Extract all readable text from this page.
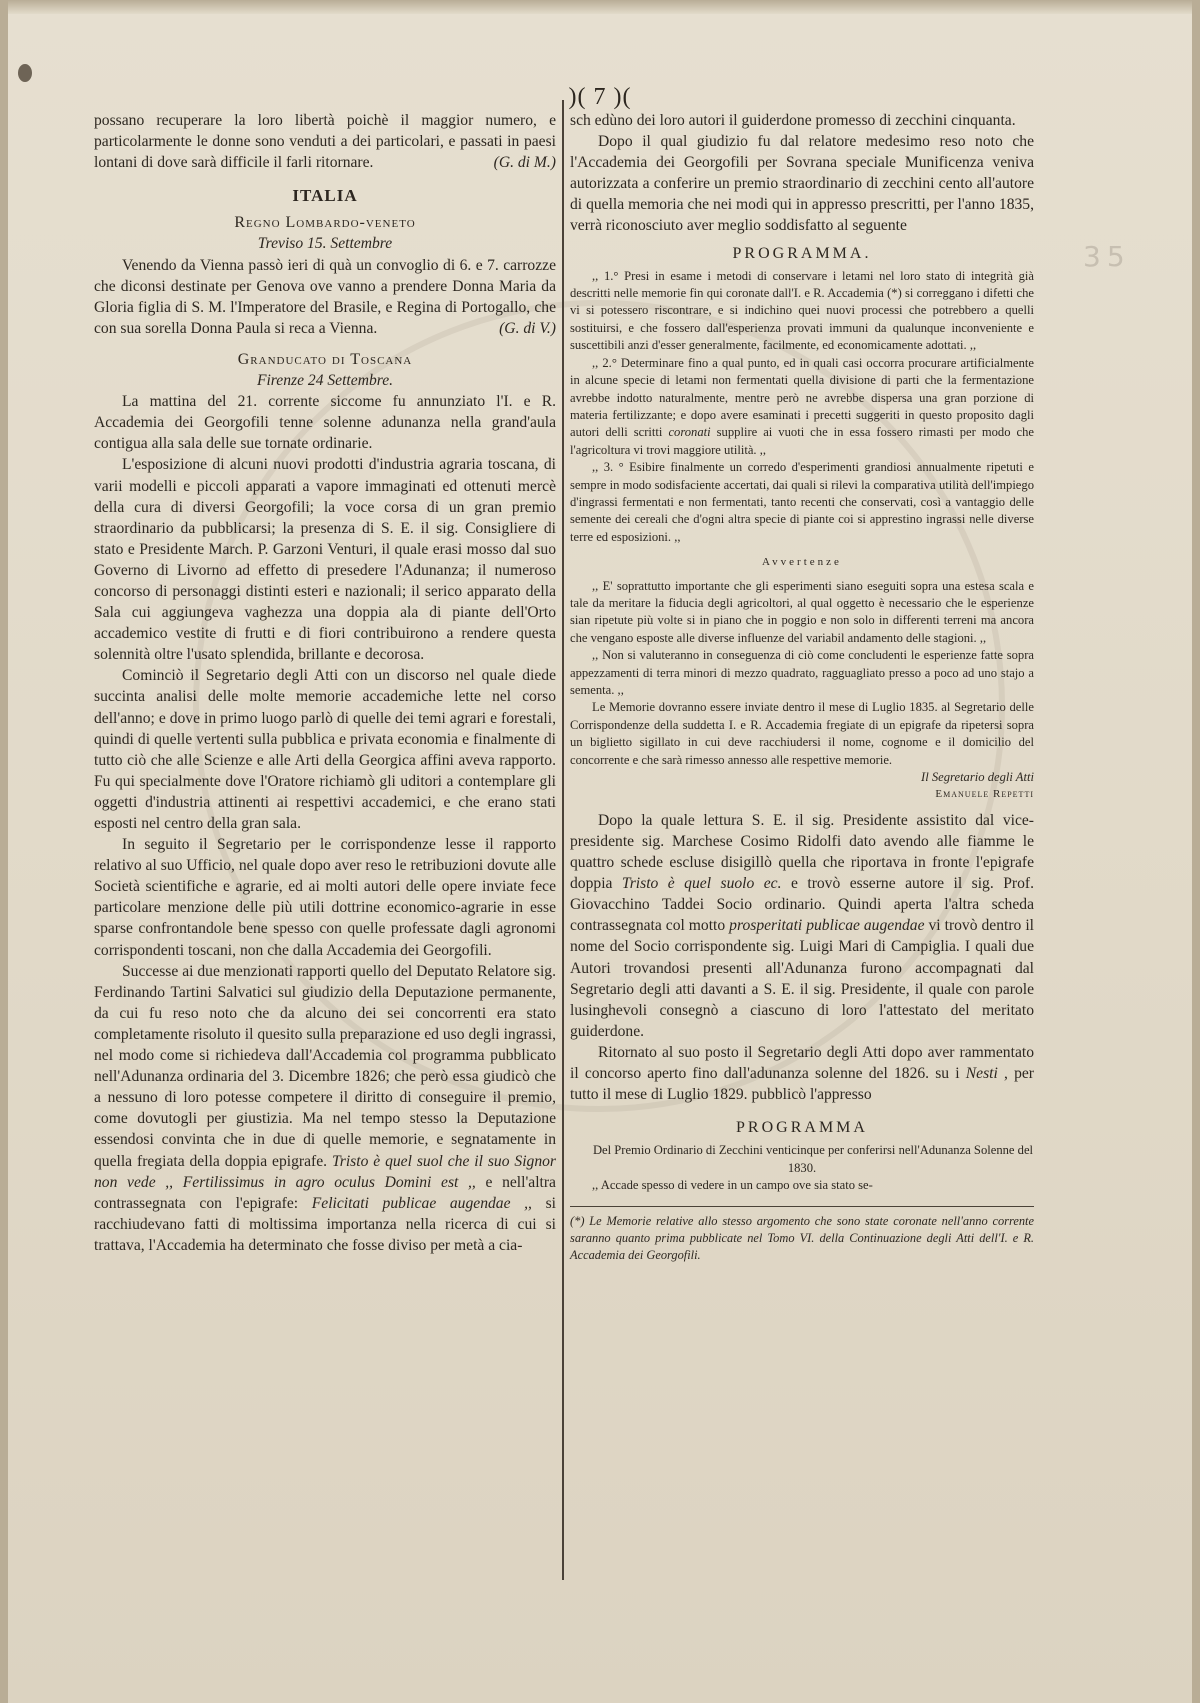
)( 7 )(
35

possano recuperare la loro libertà poichè il maggior numero, e particolarmente le donne sono venduti a dei particolari, e passati in paesi lontani di dove sarà difficile il farli ritornare.	(G. di M.)

ITALIA
Regno Lombardo-veneto
Treviso 15. Settembre

Venendo da Vienna passò ieri di quà un convoglio di 6. e 7. carrozze che diconsi destinate per Genova ove vanno a prendere Donna Maria da Gloria figlia di S. M. l'Imperatore del Brasile, e Regina di Portogallo, che con sua sorella Donna Paula si reca a Vienna.	(G. di V.)

Granducato di Toscana
Firenze 24 Settembre.

La mattina del 21. corrente siccome fu annunziato l'I. e R. Accademia dei Georgofili tenne solenne adunanza nella grand'aula contigua alla sala delle sue tornate ordinarie.

L'esposizione di alcuni nuovi prodotti d'industria agraria toscana, di varii modelli e piccoli apparati a vapore immaginati ed ottenuti mercè della cura di diversi Georgofili; la voce corsa di un gran premio straordinario da pubblicarsi; la presenza di S. E. il sig. Consigliere di stato e Presidente March. P. Garzoni Venturi, il quale erasi mosso dal suo Governo di Livorno ad effetto di presedere l'Adunanza; il numeroso concorso di personaggi distinti esteri e nazionali; il serico apparato della Sala cui aggiungeva vaghezza una doppia ala di piante dell'Orto accademico vestite di frutti e di fiori contribuirono a rendere questa solennità oltre l'usato splendida, brillante e decorosa.

Cominciò il Segretario degli Atti con un discorso nel quale diede succinta analisi delle molte memorie accademiche lette nel corso dell'anno; e dove in primo luogo parlò di quelle dei temi agrari e forestali, quindi di quelle vertenti sulla pubblica e privata economia e finalmente di tutto ciò che alle Scienze e alle Arti della Georgica affini aveva rapporto. Fu qui specialmente dove l'Oratore richiamò gli uditori a contemplare gli oggetti d'industria attinenti ai respettivi accademici, e che erano stati esposti nel centro della gran sala.

In seguito il Segretario per le corrispondenze lesse il rapporto relativo al suo Ufficio, nel quale dopo aver reso le retribuzioni dovute alle Società scientifiche e agrarie, ed ai molti autori delle opere inviate fece particolare menzione delle più utili dottrine economico-agrarie in esse sparse confrontandole bene spesso con quelle professate dagli agronomi corrispondenti toscani, non che dalla Accademia dei Georgofili.

Successe ai due menzionati rapporti quello del Deputato Relatore sig. Ferdinando Tartini Salvatici sul giudizio della Deputazione permanente, da cui fu reso noto che da alcuno dei sei concorrenti era stato completamente risoluto il quesito sulla preparazione ed uso degli ingrassi, nel modo come si richiedeva dall'Accademia col programma pubblicato nell'Adunanza ordinaria del 3. Dicembre 1826; che però essa giudicò che a nessuno di loro potesse competere il diritto di conseguire il premio, come dovutogli per giustizia. Ma nel tempo stesso la Deputazione essendosi convinta che in due di quelle memorie, e segnatamente in quella fregiata della doppia epigrafe. Tristo è quel suol che il suo Signor non vede ,, Fertilissimus in agro oculus Domini est ,, e nell'altra contrassegnata con l'epigrafe: Felicitati publicae augendae ,, si racchiudevano fatti di moltissima importanza nella ricerca di cui si trattava, l'Accademia ha determinato che fosse diviso per metà a cia-

sch edùno dei loro autori il guiderdone promesso di zecchini cinquanta.

Dopo il qual giudizio fu dal relatore medesimo reso noto che l'Accademia dei Georgofili per Sovrana speciale Munificenza veniva autorizzata a conferire un premio straordinario di zecchini cento all'autore di quella memoria che nei modi qui in appresso prescritti, per l'anno 1835, verrà riconosciuto aver meglio soddisfatto al seguente

PROGRAMMA.

,, 1.° Presi in esame i metodi di conservare i letami nel loro stato di integrità già descritti nelle memorie fin qui coronate dall'I. e R. Accademia (*) si correggano i difetti che vi si potessero riscontrare, e si indichino quei nuovi processi che potrebbero a quelli sostituirsi, e che fossero dall'esperienza provati immuni da qualunque inconveniente e suscettibili anzi d'esser generalmente, facilmente, ed economicamente adottati. ,,

,, 2.° Determinare fino a qual punto, ed in quali casi occorra procurare artificialmente in alcune specie di letami non fermentati quella divisione di parti che la fermentazione avrebbe indotto naturalmente, mentre però ne avrebbe dispersa una gran porzione di materia fertilizzante; e dopo avere esaminati i precetti suggeriti in questo proposito dagli autori delli scritti coronati supplire ai vuoti che in essa fossero rimasti per modo che l'agricoltura vi trovi maggiore utilità. ,,

,, 3. ° Esibire finalmente un corredo d'esperimenti grandiosi annualmente ripetuti e sempre in modo sodisfaciente accertati, dai quali si rilevi la comparativa utilità dell'impiego d'ingrassi fermentati e non fermentati, tanto recenti che conservati, così a vantaggio delle semente dei cereali che d'ogni altra specie di piante coi si apprestino ingrassi nelle diverse terre ed esposizioni. ,,

Avvertenze

,, E' soprattutto importante che gli esperimenti siano eseguiti sopra una estesa scala e tale da meritare la fiducia degli agricoltori, al qual oggetto è necessario che le esperienze sian ripetute più volte si in piano che in poggio e non solo in differenti terreni ma ancora che vengano esposte alle diverse influenze del variabil andamento delle stagioni. ,,

,, Non si valuteranno in conseguenza di ciò come concludenti le esperienze fatte sopra appezzamenti di terra minori di mezzo quadrato, ragguagliato presso a poco ad uno stajo a sementa. ,,

Le Memorie dovranno essere inviate dentro il mese di Luglio 1835. al Segretario delle Corrispondenze della suddetta I. e R. Accademia fregiate di un epigrafe da ripetersi sopra un biglietto sigillato in cui deve racchiudersi il nome, cognome e il domicilio del concorrente e che sarà rimesso annesso alle respettive memorie.

Il Segretario degli Atti
Emanuele Repetti

Dopo la quale lettura S. E. il sig. Presidente assistito dal vice-presidente sig. Marchese Cosimo Ridolfi dato avendo alle fiamme le quattro schede escluse disigillò quella che riportava in fronte l'epigrafe doppia Tristo è quel suolo ec. e trovò esserne autore il sig. Prof. Giovacchino Taddei Socio ordinario. Quindi aperta l'altra scheda contrassegnata col motto prosperitati publicae augendae vi trovò dentro il nome del Socio corrispondente sig. Luigi Mari di Campiglia. I quali due Autori trovandosi presenti all'Adunanza furono accompagnati dal Segretario degli atti davanti a S. E. il sig. Presidente, il quale con parole lusinghevoli consegnò a ciascuno di loro l'attestato del meritato guiderdone.

Ritornato al suo posto il Segretario degli Atti dopo aver rammentato il concorso aperto fino dall'adunanza solenne del 1826. su i Nesti , per tutto il mese di Luglio 1829. pubblicò l'appresso

PROGRAMMA

Del Premio Ordinario di Zecchini venticinque per conferirsi nell'Adunanza Solenne del 1830.

,, Accade spesso di vedere in un campo ove sia stato se-

(*) Le Memorie relative allo stesso argomento che sono state coronate nell'anno corrente saranno quanto prima pubblicate nel Tomo VI. della Continuazione degli Atti dell'I. e R. Accademia dei Georgofili.
